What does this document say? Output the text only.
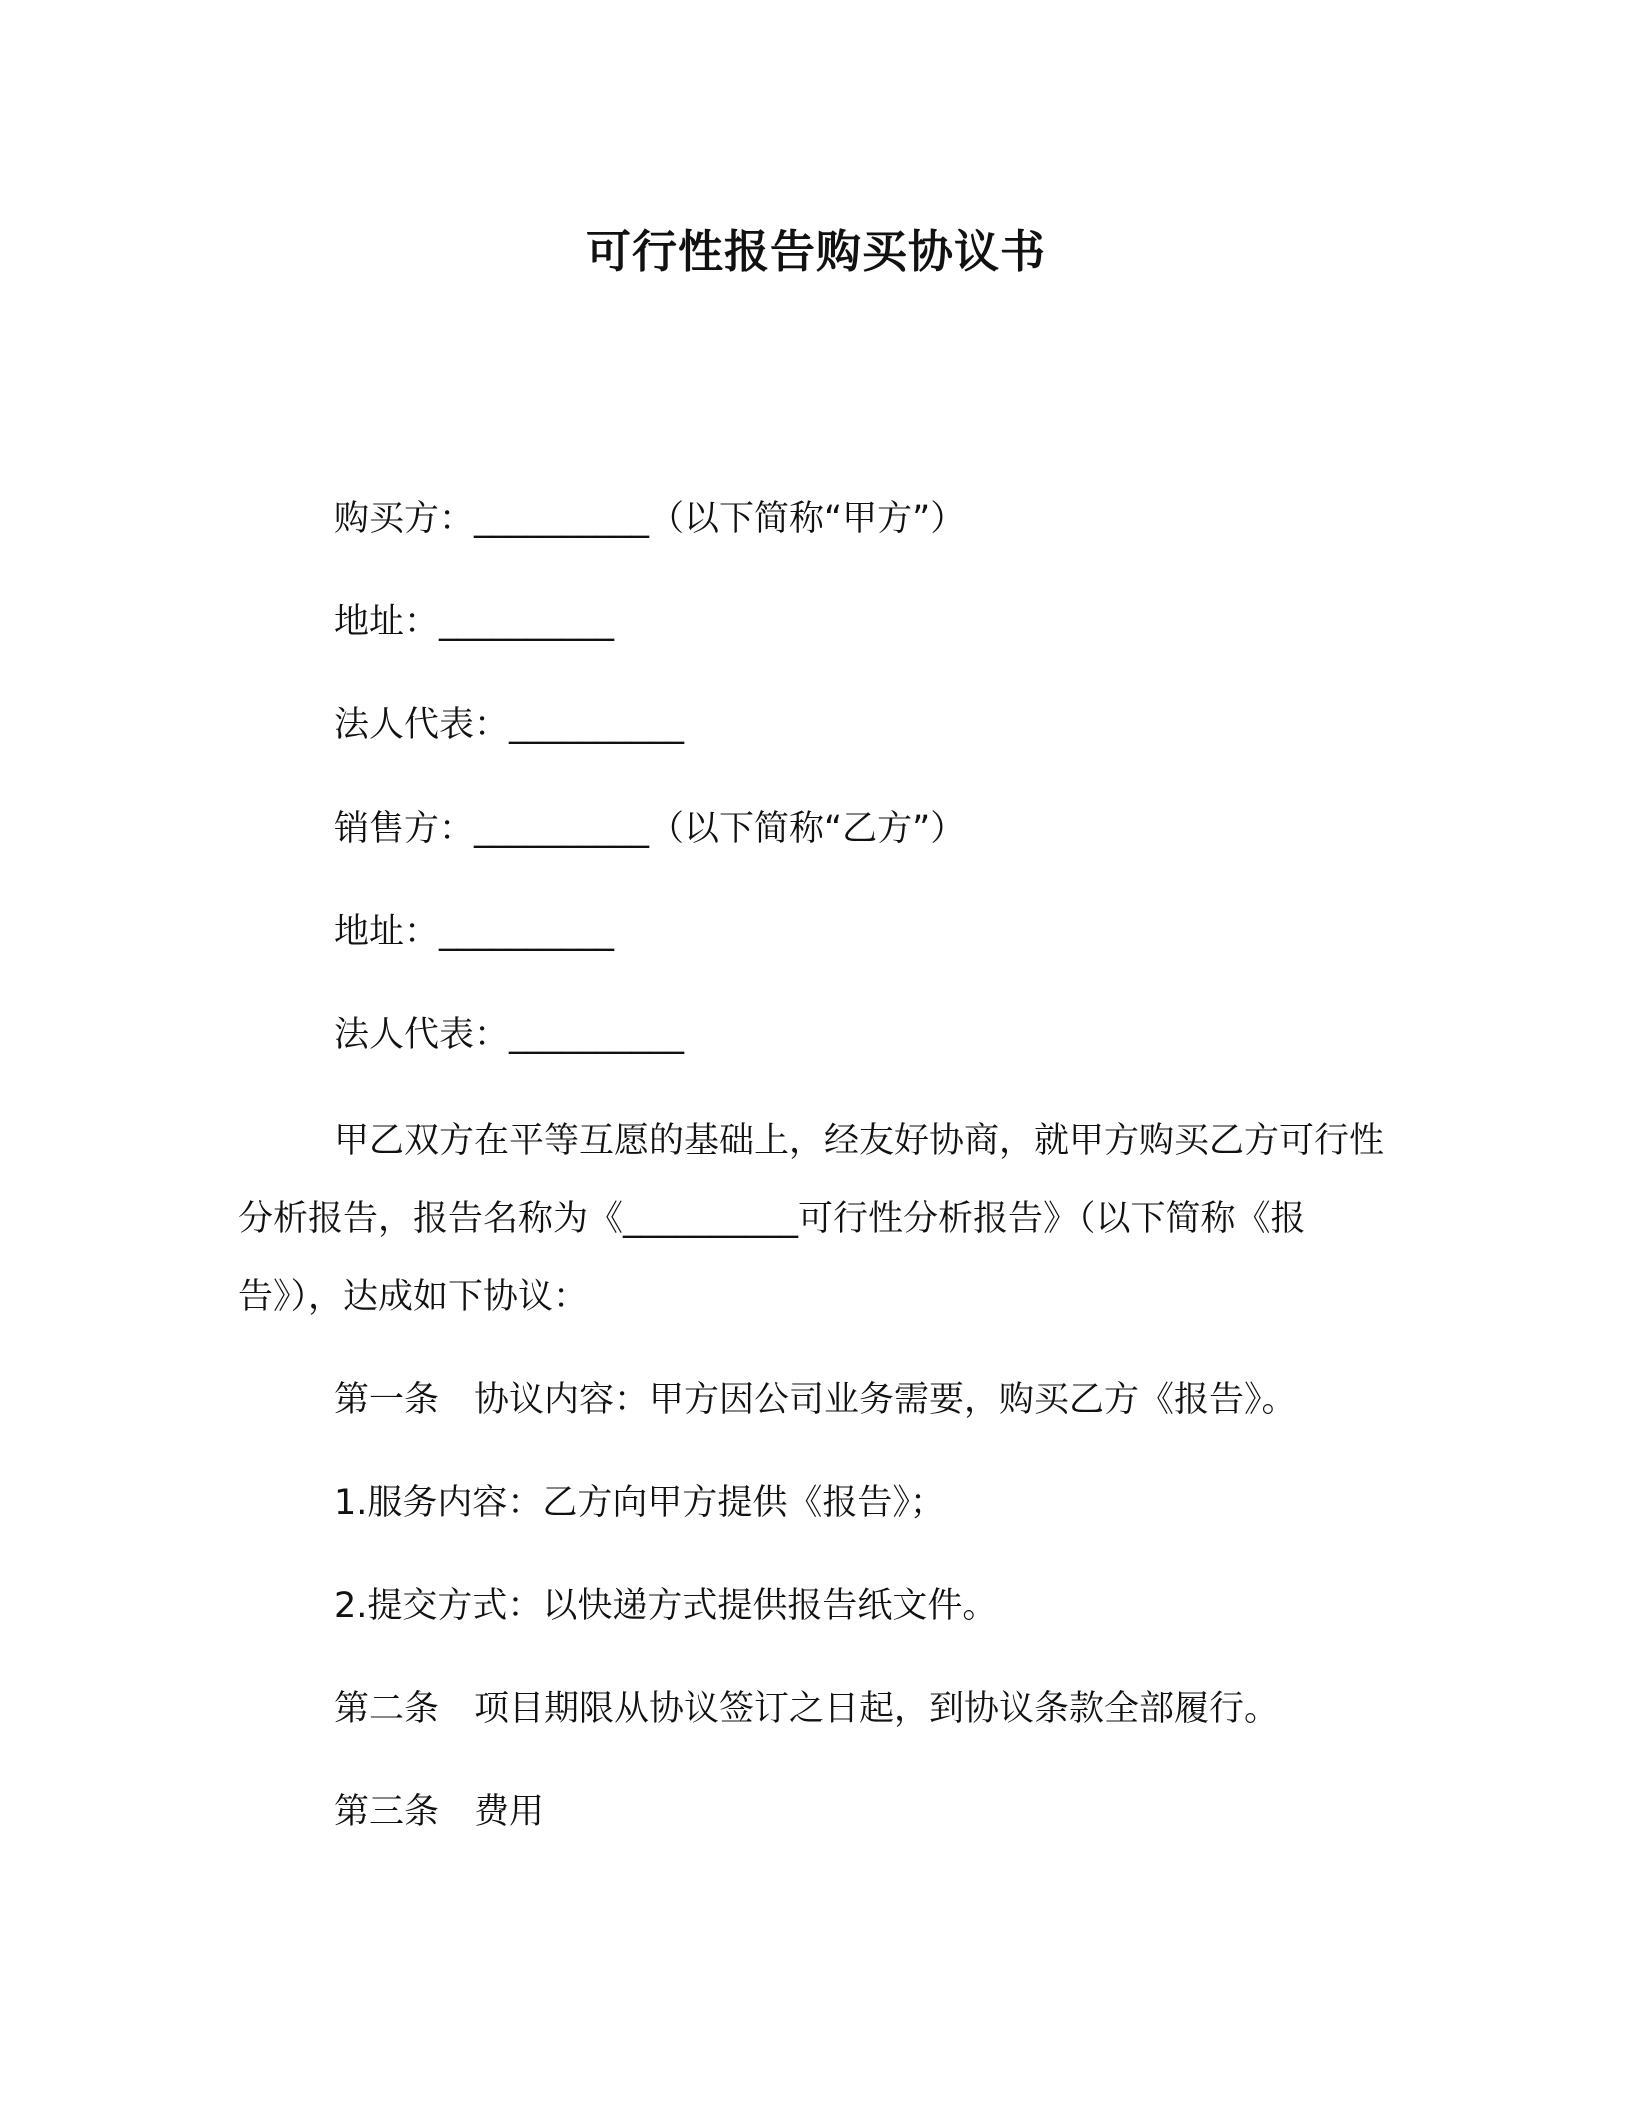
可行性报告购买协议书
购买方：__________（以下简称“甲方”）
地址：__________
法人代表：__________
销售方：__________（以下简称“乙方”）
地址：__________
法人代表：__________
甲乙双方在平等互愿的基础上，经友好协商，就甲方购买乙方可行性分析报告，报告名称为《__________可行性分析报告》（以下简称《报告》），达成如下协议：
第一条　协议内容：甲方因公司业务需要，购买乙方《报告》。
1.服务内容：乙方向甲方提供《报告》；
2.提交方式：以快递方式提供报告纸文件。
第二条　项目期限从协议签订之日起，到协议条款全部履行。
第三条　费用
